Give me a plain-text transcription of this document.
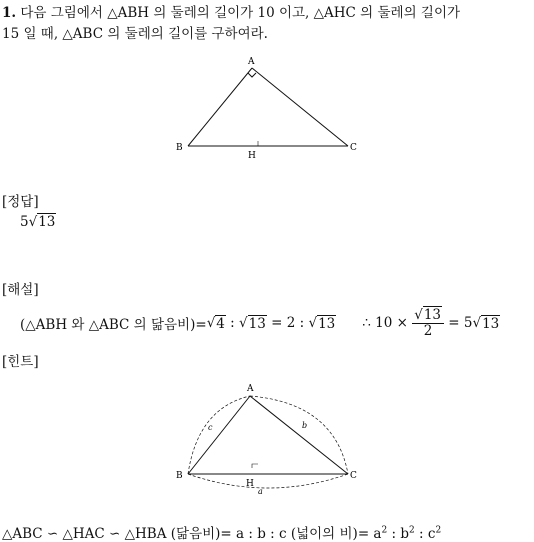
1. 다음 그림에서 △ABH 의 둘레의 길이가 10 이고, △AHC 의 둘레의 길이가
15 일 때, △ABC 의 둘레의 길이를 구하여라.
A
B
H
C
[정답]
5√13
[해설]
(△ABH 와 △ABC 의 닮음비)= √ 4 : √ 13 = 2 : √ 13 ∴ $10 \times \frac{√13}{2} = 5$ √ 13
[힌트]
A
B
H
C
c	b
a
△ABC ∽ △HAC ∽ △HBA (닮음비)= a : b : c (넓이의 비)= $a^2$ : $b^2$ : $c^2$
